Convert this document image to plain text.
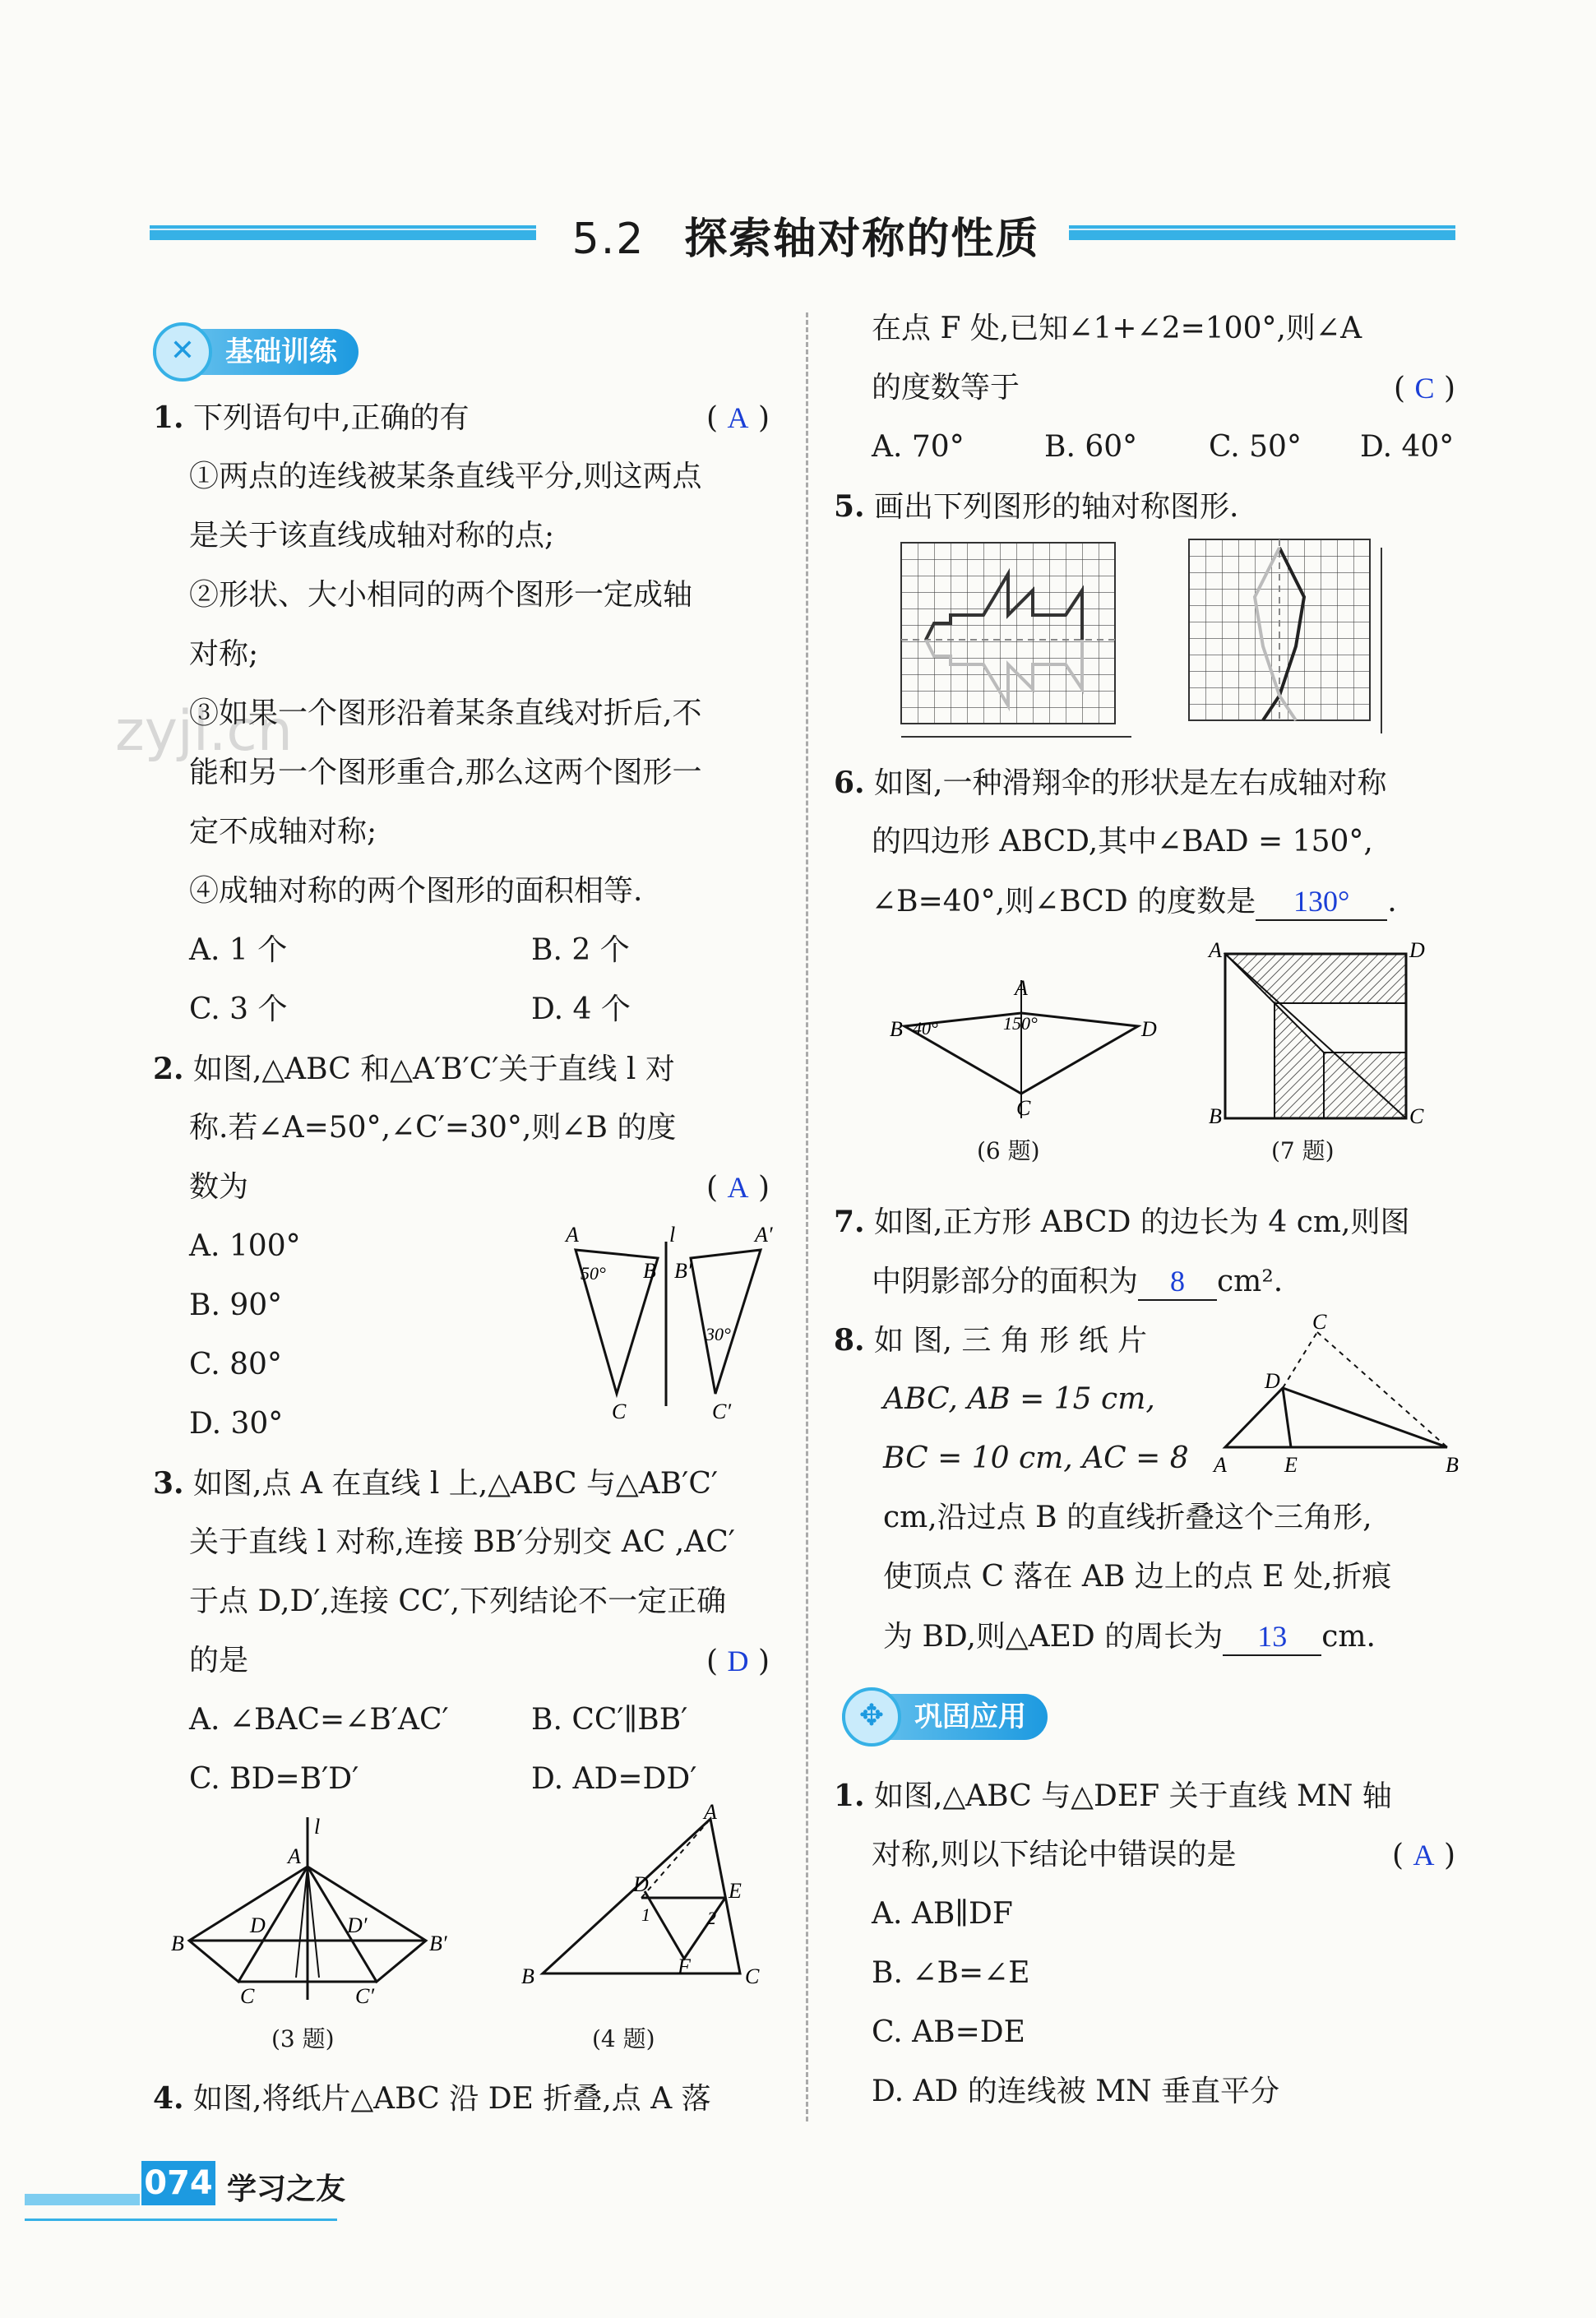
5.2 探索轴对称的性质
zyjl.cn
✕	基础训练
1. 下列语句中,正确的有	( A )
①两点的连线被某条直线平分,则这两点
是关于该直线成轴对称的点;
②形状、大小相同的两个图形一定成轴
对称;
③如果一个图形沿着某条直线对折后,不
能和另一个图形重合,那么这两个图形一
定不成轴对称;
④成轴对称的两个图形的面积相等.
A. 1 个	B. 2 个
C. 3 个	D. 4 个
2. 如图,△ABC 和△A′B′C′关于直线 l 对
称.若∠A=50°,∠C′=30°,则∠B 的度
数为	( A )
A. 100°
B. 90°
C. 80°
D. 30°
A
50° B
C
l
B′
A′
30°
C′
3. 如图,点 A 在直线 l 上,△ABC 与△AB′C′
关于直线 l 对称,连接 BB′分别交 AC ,AC′
于点 D,D′,连接 CC′,下列结论不一定正确
的是	( D )
A. ∠BAC=∠B′AC′	B. CC′∥BB′
C. BD=B′D′	D. AD=DD′
l
A
B
D	D′
B′
C	C′
A
D	E
1	2
B	F	C
(3 题)	(4 题)
4. 如图,将纸片△ABC 沿 DE 折叠,点 A 落
在点 F 处,已知∠1+∠2=100°,则∠A
的度数等于	( C )
A. 70°	B. 60° C. 50° D. 40°
5. 画出下列图形的轴对称图形.
6. 如图,一种滑翔伞的形状是左右成轴对称
的四边形 ABCD,其中∠BAD = 150°,
∠B=40°,则∠BCD 的度数是 130° .
A
B 40°	150°	D
C
A	D
B	C
(6 题)	(7 题)
7. 如图,正方形 ABCD 的边长为 4 cm,则图
中阴影部分的面积为 8 cm².
8. 如 图, 三 角 形 纸 片
ABC, AB = 15 cm,
BC = 10 cm, AC = 8
cm,沿过点 B 的直线折叠这个三角形,
使顶点 C 落在 AB 边上的点 E 处,折痕
为 BD,则△AED 的周长为 13 cm.
C
D
A	E	B
✥	巩固应用
1. 如图,△ABC 与△DEF 关于直线 MN 轴
对称,则以下结论中错误的是	( A )
A. AB∥DF
B. ∠B=∠E
C. AB=DE
D. AD 的连线被 MN 垂直平分
074 学习之友
